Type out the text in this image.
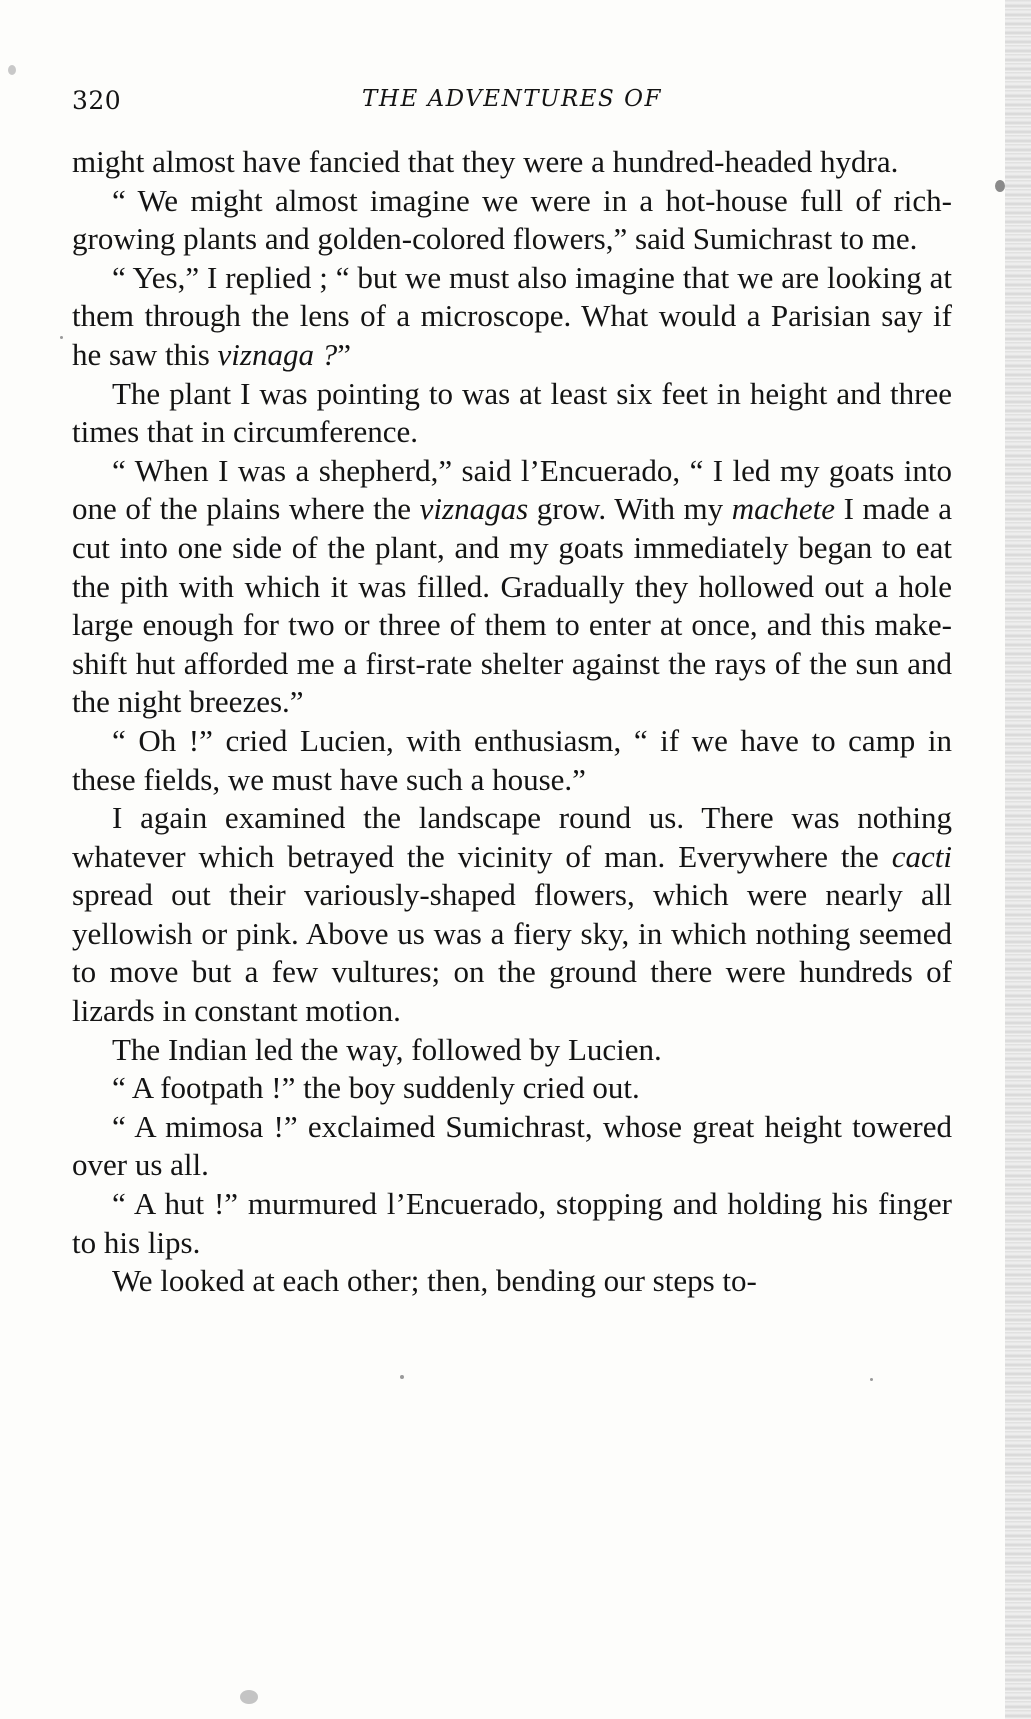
320	THE ADVENTURES OF

might almost have fancied that they were a hundred-headed hydra.

“ We might almost imagine we were in a hot-house full of rich-growing plants and golden-colored flowers,” said Sumichrast to me.

“ Yes,” I replied ; “ but we must also imagine that we are looking at them through the lens of a microscope. What would a Parisian say if he saw this viznaga ?”

The plant I was pointing to was at least six feet in height and three times that in circumference.

“ When I was a shepherd,” said l’Encuerado, “ I led my goats into one of the plains where the viznagas grow. With my machete I made a cut into one side of the plant, and my goats immediately began to eat the pith with which it was filled. Gradually they hollowed out a hole large enough for two or three of them to enter at once, and this make-shift hut afforded me a first-rate shelter against the rays of the sun and the night breezes.”

“ Oh !” cried Lucien, with enthusiasm, “ if we have to camp in these fields, we must have such a house.”

I again examined the landscape round us. There was nothing whatever which betrayed the vicinity of man. Everywhere the cacti spread out their variously-shaped flowers, which were nearly all yellowish or pink. Above us was a fiery sky, in which nothing seemed to move but a few vultures; on the ground there were hundreds of lizards in constant motion.

The Indian led the way, followed by Lucien.

“ A footpath !” the boy suddenly cried out.

“ A mimosa !” exclaimed Sumichrast, whose great height towered over us all.

“ A hut !” murmured l’Encuerado, stopping and holding his finger to his lips.

We looked at each other; then, bending our steps to-
